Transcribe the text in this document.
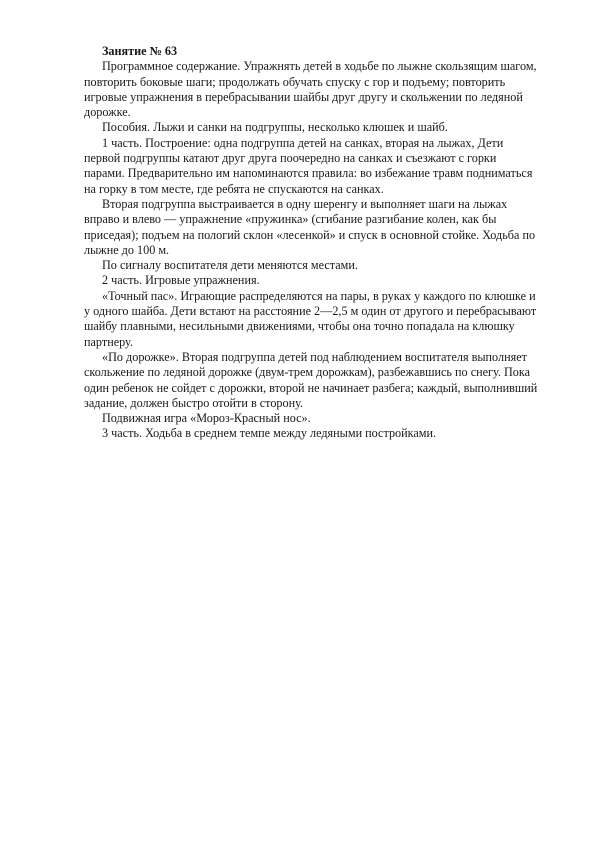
Занятие № 63

Программное содержание. Упражнять детей в ходьбе по лыжне скользящим шагом, повторить боковые шаги; продолжать обучать спуску с гор и подъему; повторить игровые упражнения в перебрасывании шайбы друг другу и скольжении по ледяной дорожке.

Пособия. Лыжи и санки на подгруппы, несколько клюшек и шайб.

1 часть. Построение: одна подгруппа детей на санках, вторая на лыжах, Дети первой подгруппы катают друг друга поочередно на санках и съезжают с горки парами. Предварительно им напоминаются правила: во избежание травм подниматься на горку в том месте, где ребята не спускаются на санках.

Вторая подгруппа выстраивается в одну шеренгу и выполняет шаги на лыжах вправо и влево — упражнение «пружинка» (сгибание разгибание колен, как бы приседая); подъем на пологий склон «лесенкой» и спуск в основной стойке. Ходьба по лыжне до 100 м.

По сигналу воспитателя дети меняются местами.

2 часть. Игровые упражнения.

«Точный пас». Играющие распределяются на пары, в руках у каждого по клюшке и у одного шайба. Дети встают на расстояние 2—2,5 м один от другого и перебрасывают шайбу плавными, несильными движениями, чтобы она точно попадала на клюшку партнеру.

«По дорожке». Вторая подгруппа детей под наблюдением воспитателя выполняет скольжение по ледяной дорожке (двум-трем дорожкам), разбежавшись по снегу. Пока один ребенок не сойдет с дорожки, второй не начинает разбега; каждый, выполнивший задание, должен быстро отойти в сторону.

Подвижная игра «Мороз-Красный нос».

3 часть. Ходьба в среднем темпе между ледяными постройками.
